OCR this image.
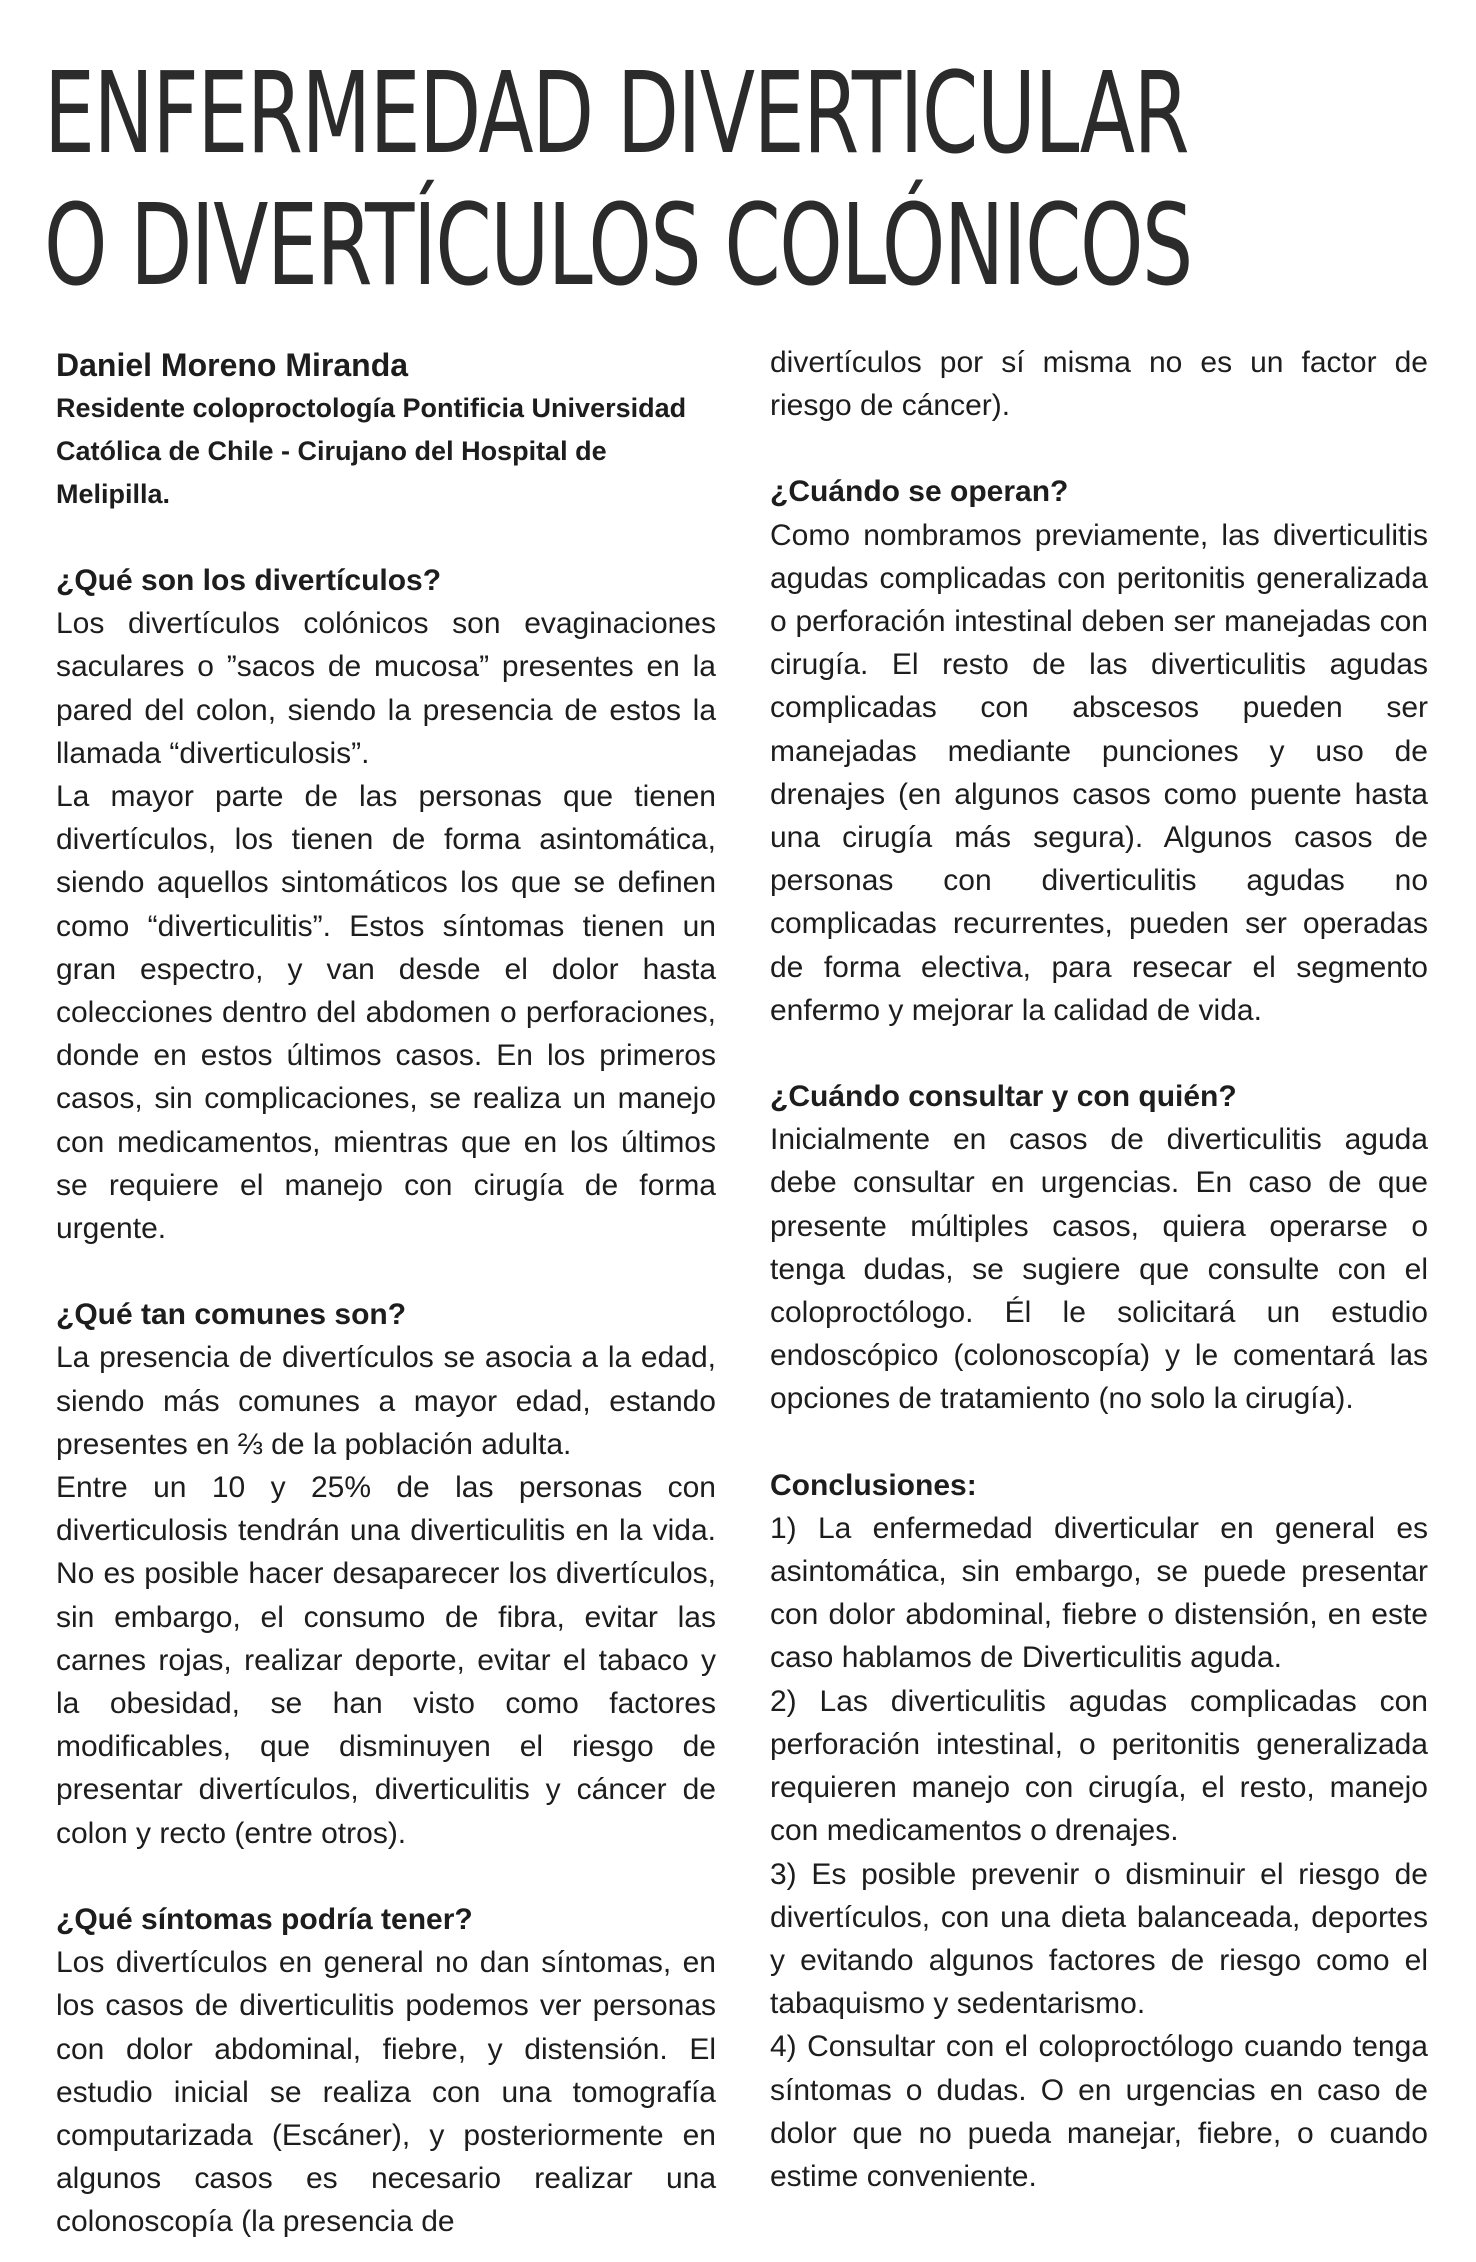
ENFERMEDAD DIVERTICULAR
O DIVERTÍCULOS COLÓNICOS

Daniel Moreno Miranda

Residente coloproctología Pontificia Universidad Católica de Chile - Cirujano del Hospital de Melipilla.

¿Qué son los divertículos?

Los divertículos colónicos son evaginaciones saculares o ”sacos de mucosa” presentes en la pared del colon, siendo la presencia de estos la llamada “diverticulosis”.

La mayor parte de las personas que tienen divertículos, los tienen de forma asintomática, siendo aquellos sintomáticos los que se definen como “diverticulitis”. Estos síntomas tienen un gran espectro, y van desde el dolor hasta colecciones dentro del abdomen o perforaciones, donde en estos últimos casos. En los primeros casos, sin complicaciones, se realiza un manejo con medicamentos, mientras que en los últimos se requiere el manejo con cirugía de forma urgente.

¿Qué tan comunes son?

La presencia de divertículos se asocia a la edad, siendo más comunes a mayor edad, estando presentes en ⅔ de la población adulta.

Entre un 10 y 25% de las personas con diverticulosis tendrán una diverticulitis en la vida. No es posible hacer desaparecer los divertículos, sin embargo, el consumo de fibra, evitar las carnes rojas, realizar deporte, evitar el tabaco y la obesidad, se han visto como factores modificables, que disminuyen el riesgo de presentar divertículos, diverticulitis y cáncer de colon y recto (entre otros).

¿Qué síntomas podría tener?

Los divertículos en general no dan síntomas, en los casos de diverticulitis podemos ver personas con dolor abdominal, fiebre, y distensión. El estudio inicial se realiza con una tomografía computarizada (Escáner), y posteriormente en algunos casos es necesario realizar una colonoscopía (la presencia de

divertículos por sí misma no es un factor de riesgo de cáncer).

¿Cuándo se operan?

Como nombramos previamente, las diverticulitis agudas complicadas con peritonitis generalizada o perforación intestinal deben ser manejadas con cirugía. El resto de las diverticulitis agudas complicadas con abscesos pueden ser manejadas mediante punciones y uso de drenajes (en algunos casos como puente hasta una cirugía más segura). Algunos casos de personas con diverticulitis agudas no complicadas recurrentes, pueden ser operadas de forma electiva, para resecar el segmento enfermo y mejorar la calidad de vida.

¿Cuándo consultar y con quién?

Inicialmente en casos de diverticulitis aguda debe consultar en urgencias. En caso de que presente múltiples casos, quiera operarse o tenga dudas, se sugiere que consulte con el coloproctólogo. Él le solicitará un estudio endoscópico (colonoscopía) y le comentará las opciones de tratamiento (no solo la cirugía).

Conclusiones:

1) La enfermedad diverticular en general es asintomática, sin embargo, se puede presentar con dolor abdominal, fiebre o distensión, en este caso hablamos de Diverticulitis aguda.

2) Las diverticulitis agudas complicadas con perforación intestinal, o peritonitis generalizada requieren manejo con cirugía, el resto, manejo con medicamentos o drenajes.

3) Es posible prevenir o disminuir el riesgo de divertículos, con una dieta balanceada, deportes y evitando algunos factores de riesgo como el tabaquismo y sedentarismo.

4) Consultar con el coloproctólogo cuando tenga síntomas o dudas. O en urgencias en caso de dolor que no pueda manejar, fiebre, o cuando estime conveniente.
